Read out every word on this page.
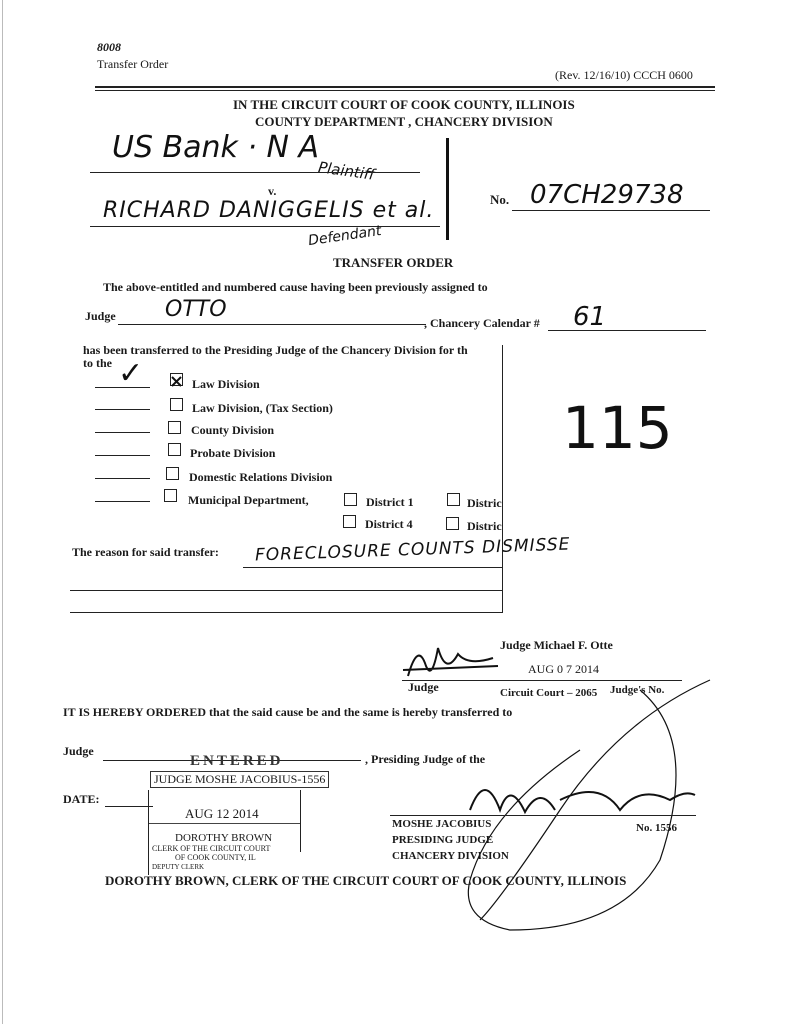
8008
Transfer Order
(Rev. 12/16/10) CCCH 0600
IN THE CIRCUIT COURT OF COOK COUNTY, ILLINOIS
COUNTY DEPARTMENT , CHANCERY DIVISION
US Bank · N A
Plaintiff
v.
RICHARD DANIGGELIS et al.
Defendant
No. 07CH29738
TRANSFER ORDER
The above-entitled and numbered cause having been previously assigned to
Judge OTTO
, Chancery Calendar # 61
has been transferred to the Presiding Judge of the Chancery Division for th
to the ✓	Law Division
Law Division, (Tax Section)
County Division
Probate Division
Domestic Relations Division
Municipal Department,	District 1	Distric
District 4	Distric
115
The reason for said transfer: FORECLOSURE COUNTS DISMISSE
Judge Michael F. Otte
AUG 0 7 2014
Judge	Circuit Court – 2065 Judge's No.
IT IS HEREBY ORDERED that the said cause be and the same is hereby transferred to
Judge
, Presiding Judge of the
DATE:
ENTERED
JUDGE MOSHE JACOBIUS-1556
AUG 12 2014
DOROTHY BROWN
CLERK OF THE CIRCUIT COURT
OF COOK COUNTY, IL
DEPUTY CLERK
MOSHE JACOBIUS
PRESIDING JUDGE
CHANCERY DIVISION
No. 1556
DOROTHY BROWN, CLERK OF THE CIRCUIT COURT OF COOK COUNTY, ILLINOIS
